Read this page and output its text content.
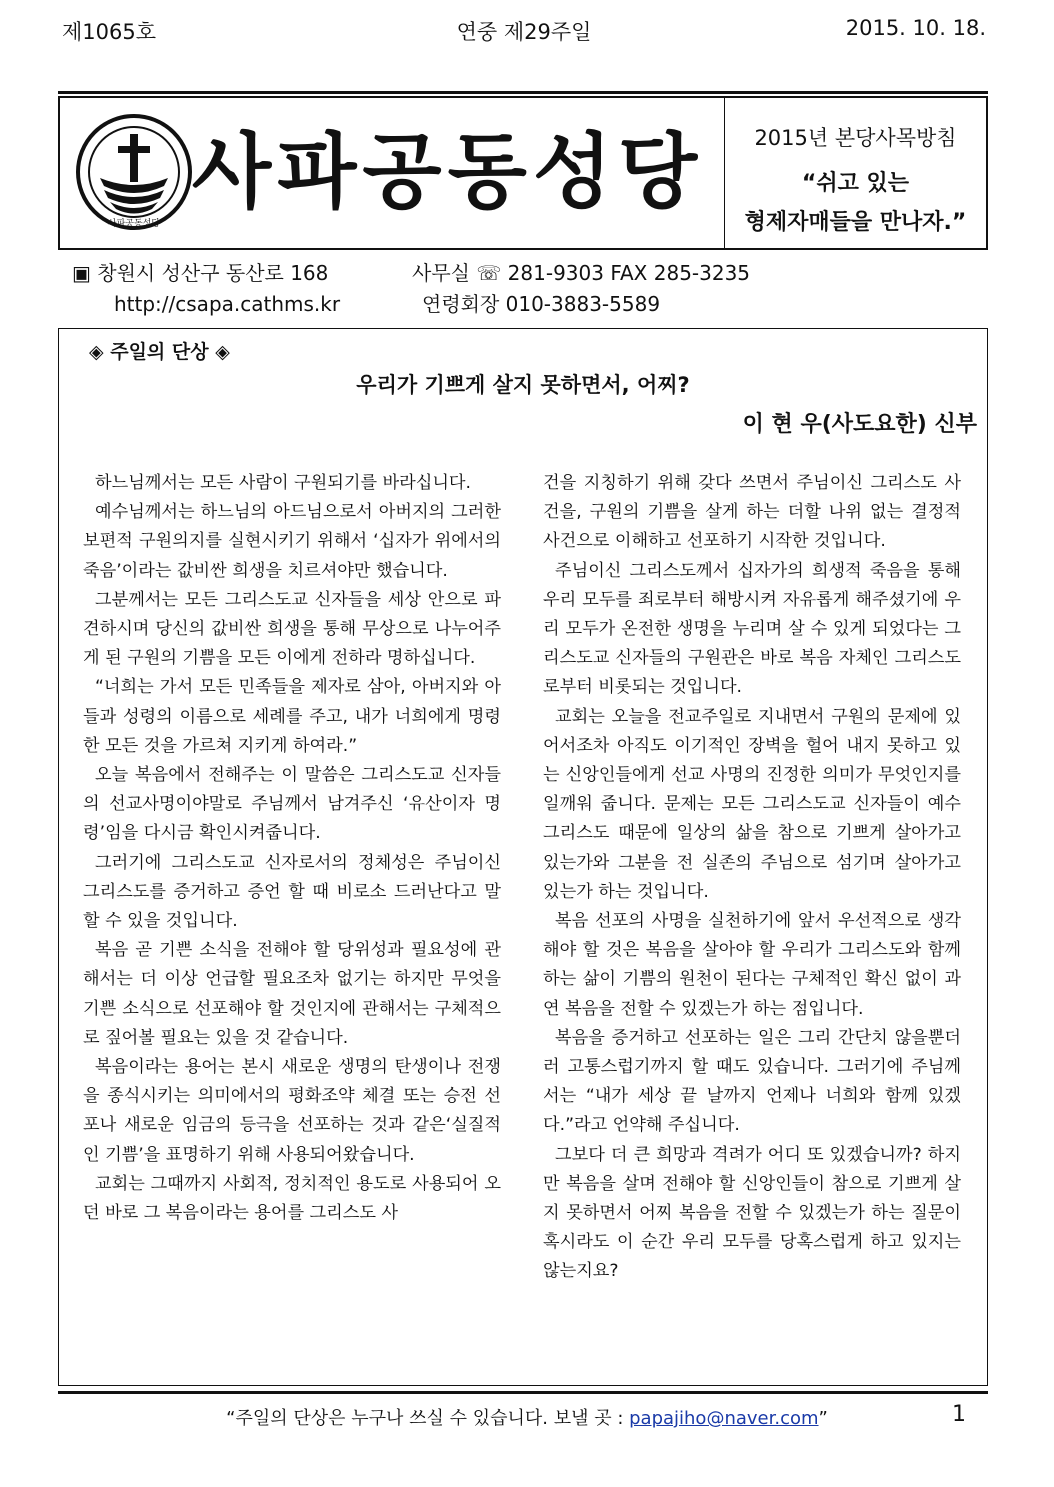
제1065호	연중 제29주일	2015. 10. 18.
사파공동성당
사파공동성당	2015년 본당사목방침
“쉬고 있는
형제자매들을 만나자.”
▣ 창원시 성산구 동산로 168	사무실 ☏ 281-9303 FAX 285-3235
http://csapa.cathms.kr	연령회장 010-3883-5589
◈ 주일의 단상 ◈
우리가 기쁘게 살지 못하면서, 어찌?
이 현 우(사도요한) 신부

하느님께서는 모든 사람이 구원되기를 바라십니다.

예수님께서는 하느님의 아드님으로서 아버지의 그러한 보편적 구원의지를 실현시키기 위해서 ‘십자가 위에서의 죽음’이라는 값비싼 희생을 치르셔야만 했습니다.

그분께서는 모든 그리스도교 신자들을 세상 안으로 파견하시며 당신의 값비싼 희생을 통해 무상으로 나누어주게 된 구원의 기쁨을 모든 이에게 전하라 명하십니다.

“너희는 가서 모든 민족들을 제자로 삼아, 아버지와 아들과 성령의 이름으로 세례를 주고, 내가 너희에게 명령한 모든 것을 가르쳐 지키게 하여라.”

오늘 복음에서 전해주는 이 말씀은 그리스도교 신자들의 선교사명이야말로 주님께서 남겨주신 ‘유산이자 명령’임을 다시금 확인시켜줍니다.

그러기에 그리스도교 신자로서의 정체성은 주님이신 그리스도를 증거하고 증언 할 때 비로소 드러난다고 말할 수 있을 것입니다.

복음 곧 기쁜 소식을 전해야 할 당위성과 필요성에 관해서는 더 이상 언급할 필요조차 없기는 하지만 무엇을 기쁜 소식으로 선포해야 할 것인지에 관해서는 구체적으로 짚어볼 필요는 있을 것 같습니다.

복음이라는 용어는 본시 새로운 생명의 탄생이나 전쟁을 종식시키는 의미에서의 평화조약 체결 또는 승전 선포나 새로운 임금의 등극을 선포하는 것과 같은‘실질적인 기쁨’을 표명하기 위해 사용되어왔습니다.

교회는 그때까지 사회적, 정치적인 용도로 사용되어 오던 바로 그 복음이라는 용어를 그리스도 사

건을 지칭하기 위해 갖다 쓰면서 주님이신 그리스도 사건을, 구원의 기쁨을 살게 하는 더할 나위 없는 결정적 사건으로 이해하고 선포하기 시작한 것입니다.

주님이신 그리스도께서 십자가의 희생적 죽음을 통해 우리 모두를 죄로부터 해방시켜 자유롭게 해주셨기에 우리 모두가 온전한 생명을 누리며 살 수 있게 되었다는 그리스도교 신자들의 구원관은 바로 복음 자체인 그리스도로부터 비롯되는 것입니다.

교회는 오늘을 전교주일로 지내면서 구원의 문제에 있어서조차 아직도 이기적인 장벽을 헐어 내지 못하고 있는 신앙인들에게 선교 사명의 진정한 의미가 무엇인지를 일깨워 줍니다. 문제는 모든 그리스도교 신자들이 예수 그리스도 때문에 일상의 삶을 참으로 기쁘게 살아가고 있는가와 그분을 전 실존의 주님으로 섬기며 살아가고 있는가 하는 것입니다.

복음 선포의 사명을 실천하기에 앞서 우선적으로 생각해야 할 것은 복음을 살아야 할 우리가 그리스도와 함께 하는 삶이 기쁨의 원천이 된다는 구체적인 확신 없이 과연 복음을 전할 수 있겠는가 하는 점입니다.

복음을 증거하고 선포하는 일은 그리 간단치 않을뿐더러 고통스럽기까지 할 때도 있습니다. 그러기에 주님께서는 “내가 세상 끝 날까지 언제나 너희와 함께 있겠다.”라고 언약해 주십니다.

그보다 더 큰 희망과 격려가 어디 또 있겠습니까? 하지만 복음을 살며 전해야 할 신앙인들이 참으로 기쁘게 살지 못하면서 어찌 복음을 전할 수 있겠는가 하는 질문이 혹시라도 이 순간 우리 모두를 당혹스럽게 하고 있지는 않는지요?

“주일의 단상은 누구나 쓰실 수 있습니다. 보낼 곳 : papajiho@naver.com”	1
